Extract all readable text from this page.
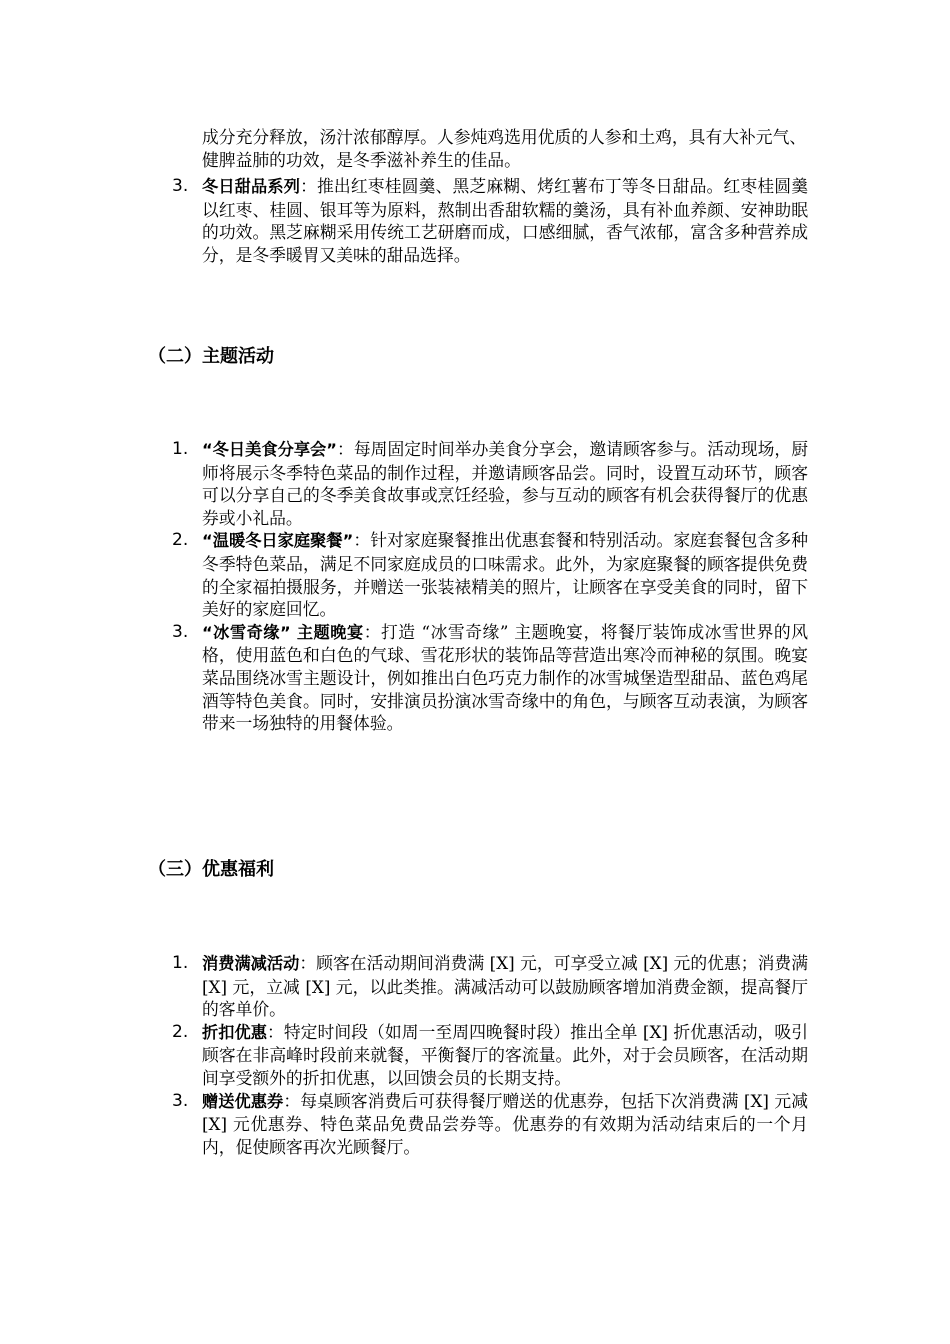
成分充分释放，汤汁浓郁醇厚。人参炖鸡选用优质的人参和土鸡，具有大补元气、健脾益肺的功效，是冬季滋补养生的佳品。
3. 冬日甜品系列：推出红枣桂圆羹、黑芝麻糊、烤红薯布丁等冬日甜品。红枣桂圆羹以红枣、桂圆、银耳等为原料，熬制出香甜软糯的羹汤，具有补血养颜、安神助眠的功效。黑芝麻糊采用传统工艺研磨而成，口感细腻，香气浓郁，富含多种营养成分，是冬季暖胃又美味的甜品选择。
（二）主题活动
1. “冬日美食分享会”：每周固定时间举办美食分享会，邀请顾客参与。活动现场，厨师将展示冬季特色菜品的制作过程，并邀请顾客品尝。同时，设置互动环节，顾客可以分享自己的冬季美食故事或烹饪经验，参与互动的顾客有机会获得餐厅的优惠券或小礼品。
2. “温暖冬日家庭聚餐”：针对家庭聚餐推出优惠套餐和特别活动。家庭套餐包含多种冬季特色菜品，满足不同家庭成员的口味需求。此外，为家庭聚餐的顾客提供免费的全家福拍摄服务，并赠送一张装裱精美的照片，让顾客在享受美食的同时，留下美好的家庭回忆。
3. “冰雪奇缘” 主题晚宴：打造 “冰雪奇缘” 主题晚宴，将餐厅装饰成冰雪世界的风格，使用蓝色和白色的气球、雪花形状的装饰品等营造出寒冷而神秘的氛围。晚宴菜品围绕冰雪主题设计，例如推出白色巧克力制作的冰雪城堡造型甜品、蓝色鸡尾酒等特色美食。同时，安排演员扮演冰雪奇缘中的角色，与顾客互动表演，为顾客带来一场独特的用餐体验。
（三）优惠福利
1. 消费满减活动：顾客在活动期间消费满 [X] 元，可享受立减 [X] 元的优惠；消费满 [X] 元，立减 [X] 元，以此类推。满减活动可以鼓励顾客增加消费金额，提高餐厅的客单价。
2. 折扣优惠：特定时间段（如周一至周四晚餐时段）推出全单 [X] 折优惠活动，吸引顾客在非高峰时段前来就餐，平衡餐厅的客流量。此外，对于会员顾客，在活动期间享受额外的折扣优惠，以回馈会员的长期支持。
3. 赠送优惠券：每桌顾客消费后可获得餐厅赠送的优惠券，包括下次消费满 [X] 元减 [X] 元优惠券、特色菜品免费品尝券等。优惠券的有效期为活动结束后的一个月内，促使顾客再次光顾餐厅。
